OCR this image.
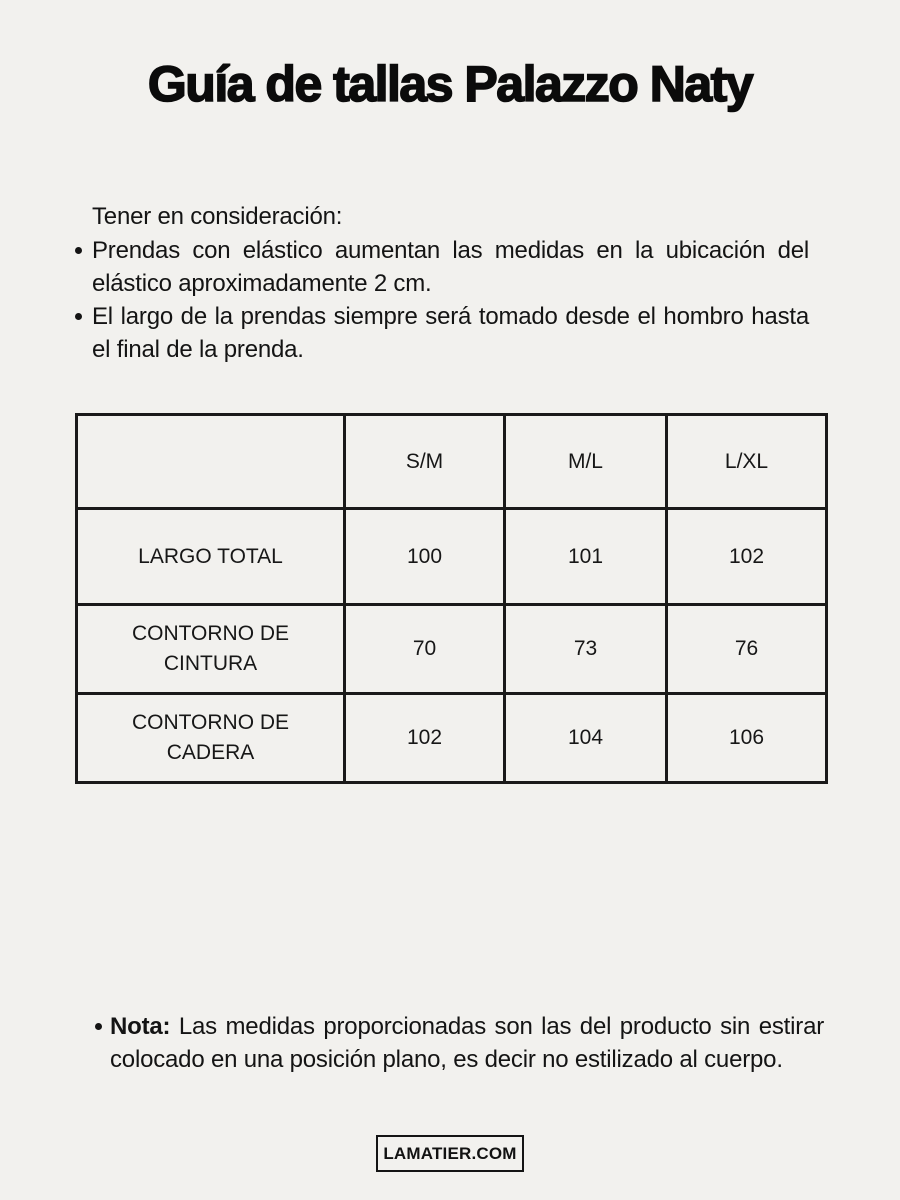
Guía de tallas Palazzo Naty
Tener en consideración:
Prendas con elástico aumentan las medidas en la ubicación del elástico aproximadamente 2 cm.
El largo de la prendas siempre será tomado desde el hombro hasta el final de la prenda.
	S/M	M/L	L/XL
LARGO TOTAL	100	101	102
CONTORNO DE CINTURA	70	73	76
CONTORNO DE CADERA	102	104	106
Nota: Las medidas proporcionadas son las del producto sin estirar colocado en una posición plano, es decir no estilizado al cuerpo.
LAMATIER.COM
